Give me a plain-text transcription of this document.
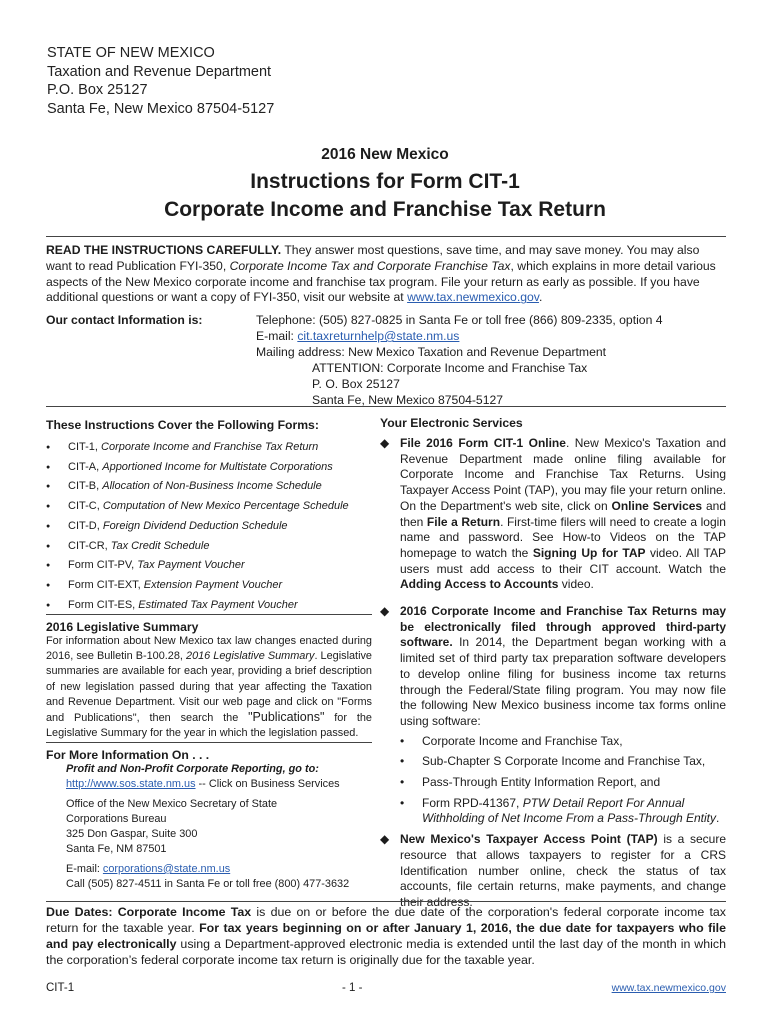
STATE OF NEW MEXICO
Taxation and Revenue Department
P.O. Box 25127
Santa Fe, New Mexico 87504-5127
2016 New Mexico
Instructions for Form CIT-1
Corporate Income and Franchise Tax Return
READ THE INSTRUCTIONS CAREFULLY. They answer most questions, save time, and may save money. You may also want to read Publication FYI-350, Corporate Income Tax and Corporate Franchise Tax, which explains in more detail various aspects of the New Mexico corporate income and franchise tax program. File your return as early as possible. If you have additional questions or want a copy of FYI-350, visit our website at www.tax.newmexico.gov.
Our contact Information is:	Telephone: (505) 827-0825 in Santa Fe or toll free (866) 809-2335, option 4
E-mail: cit.taxreturnhelp@state.nm.us
Mailing address: New Mexico Taxation and Revenue Department
ATTENTION: Corporate Income and Franchise Tax
P. O. Box 25127
Santa Fe, New Mexico 87504-5127
These Instructions Cover the Following Forms:
● CIT-1, Corporate Income and Franchise Tax Return
● CIT-A, Apportioned Income for Multistate Corporations
● CIT-B, Allocation of Non-Business Income Schedule
● CIT-C, Computation of New Mexico Percentage Schedule
● CIT-D, Foreign Dividend Deduction Schedule
● CIT-CR, Tax Credit Schedule
● Form CIT-PV, Tax Payment Voucher
● Form CIT-EXT, Extension Payment Voucher
● Form CIT-ES, Estimated Tax Payment Voucher
2016 Legislative Summary
For information about New Mexico tax law changes enacted during 2016, see Bulletin B-100.28, 2016 Legislative Summary. Legislative summaries are available for each year, providing a brief description of new legislation passed during that year affecting the Taxation and Revenue Department. Visit our web page and click on "Forms and Publications", then search the "Publications" for the Legislative Summary for the year in which the legislation passed.
For More Information On . . .
Profit and Non-Profit Corporate Reporting, go to:
http://www.sos.state.nm.us -- Click on Business Services
Office of the New Mexico Secretary of State
Corporations Bureau
325 Don Gaspar, Suite 300
Santa Fe, NM 87501
E-mail: corporations@state.nm.us
Call (505) 827-4511 in Santa Fe or toll free (800) 477-3632
Your Electronic Services
◆ File 2016 Form CIT-1 Online. New Mexico's Taxation and Revenue Department made online filing available for Corporate Income and Franchise Tax Returns. Using Taxpayer Access Point (TAP), you may file your return online. On the Department's web site, click on Online Services and then File a Return. First-time filers will need to create a login name and password. See How-to Videos on the TAP homepage to watch the Signing Up for TAP video. All TAP users must add access to their CIT account. Watch the Adding Access to Accounts video.
◆ 2016 Corporate Income and Franchise Tax Returns may be electronically filed through approved third-party software. In 2014, the Department began working with a limited set of third party tax preparation software developers to develop online filing for business income tax returns through the Federal/State filing program. You may now file the following New Mexico business income tax forms online using software:
• Corporate Income and Franchise Tax,
• Sub-Chapter S Corporate Income and Franchise Tax,
• Pass-Through Entity Information Report, and
• Form RPD-41367, PTW Detail Report For Annual Withholding of Net Income From a Pass-Through Entity.
◆ New Mexico's Taxpayer Access Point (TAP) is a secure resource that allows taxpayers to register for a CRS Identification number online, check the status of tax accounts, file certain returns, make payments, and change their address.
Due Dates: Corporate Income Tax is due on or before the due date of the corporation's federal corporate income tax return for the taxable year. For tax years beginning on or after January 1, 2016, the due date for taxpayers who file and pay electronically using a Department-approved electronic media is extended until the last day of the month in which the corporation’s federal corporate income tax return is originally due for the taxable year.
CIT-1	- 1 -	www.tax.newmexico.gov
